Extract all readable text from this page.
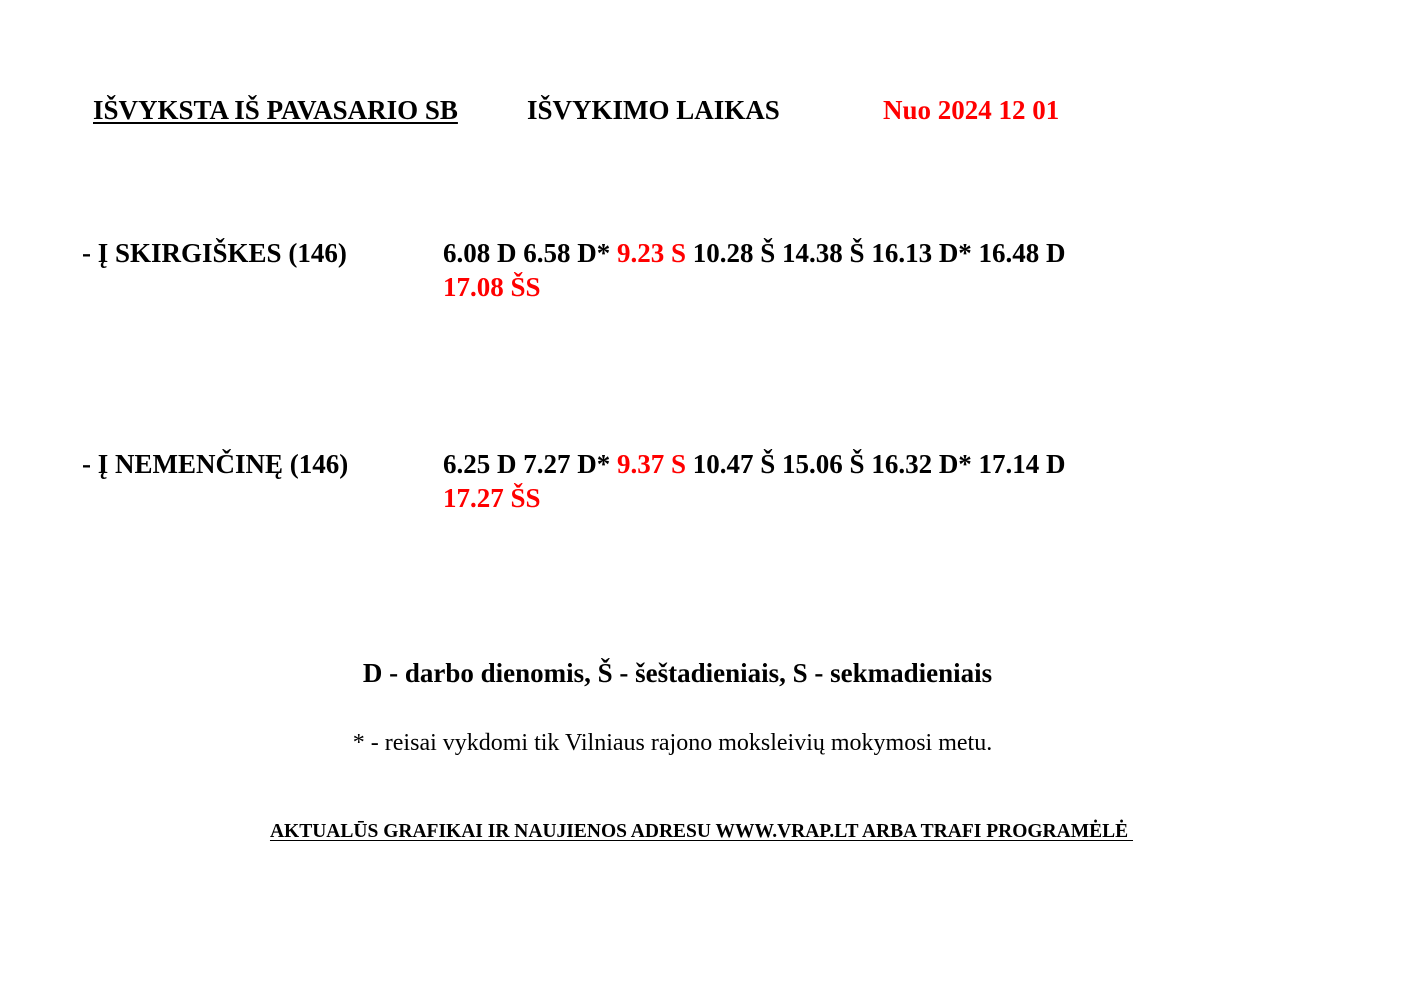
IŠVYKSTA IŠ PAVASARIO SB	IŠVYKIMO LAIKAS	Nuo 2024 12 01
- Į SKIRGIŠKES (146)	6.08 D 6.58 D* 9.23 S 10.28 Š 14.38 Š 16.13 D* 16.48 D
17.08 ŠS
- Į NEMENČINĘ (146)	6.25 D 7.27 D* 9.37 S 10.47 Š 15.06 Š 16.32 D* 17.14 D
17.27 ŠS
D - darbo dienomis, Š - šeštadieniais, S - sekmadieniais
* - reisai vykdomi tik Vilniaus rajono moksleivių mokymosi metu.
AKTUALŪS GRAFIKAI IR NAUJIENOS ADRESU WWW.VRAP.LT ARBA TRAFI PROGRAMĖLĖ
